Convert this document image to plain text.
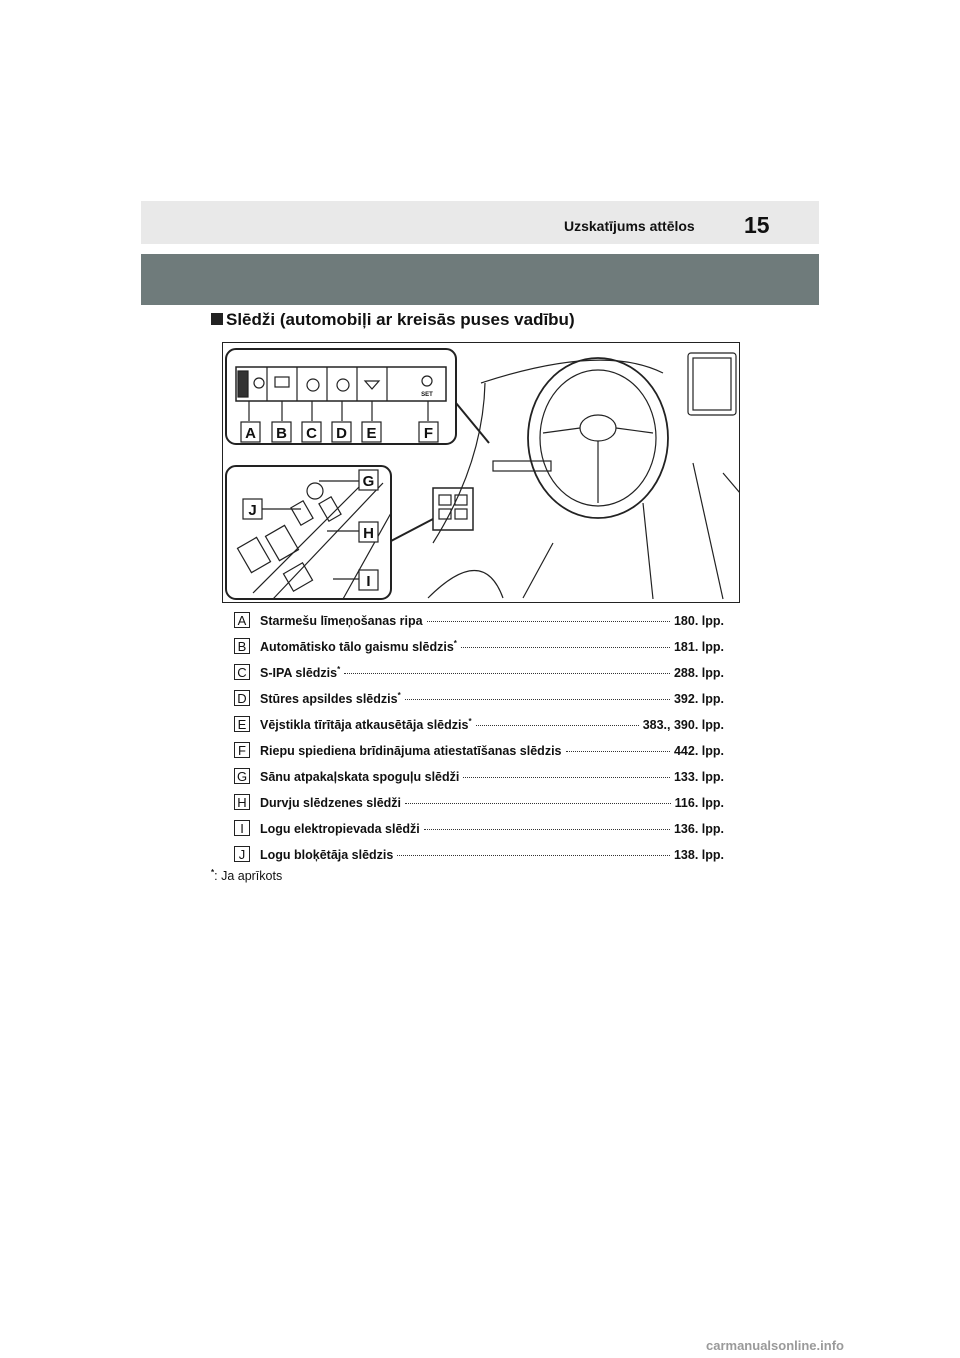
Uzskatījums attēlos 15
Slēdži (automobiļi ar kreisās puses vadību)
A B C D E	F
G
H
I
J
SET
A Starmešu līmeņošanas ripa	180. lpp.
B Automātisko tālo gaismu slēdzis*	181. lpp.
C S-IPA slēdzis*	288. lpp.
D Stūres apsildes slēdzis*	392. lpp.
E Vējstikla tīrītāja atkausētāja slēdzis*	383., 390. lpp.
F	Riepu spiediena brīdinājuma atiestatīšanas slēdzis	442. lpp.
G Sānu atpakaļskata spoguļu slēdži	133. lpp.
H Durvju slēdzenes slēdži	116. lpp.
I	Logu elektropievada slēdži	136. lpp.
J	Logu bloķētāja slēdzis	138. lpp.
*: Ja aprīkots
carmanualsonline.info
